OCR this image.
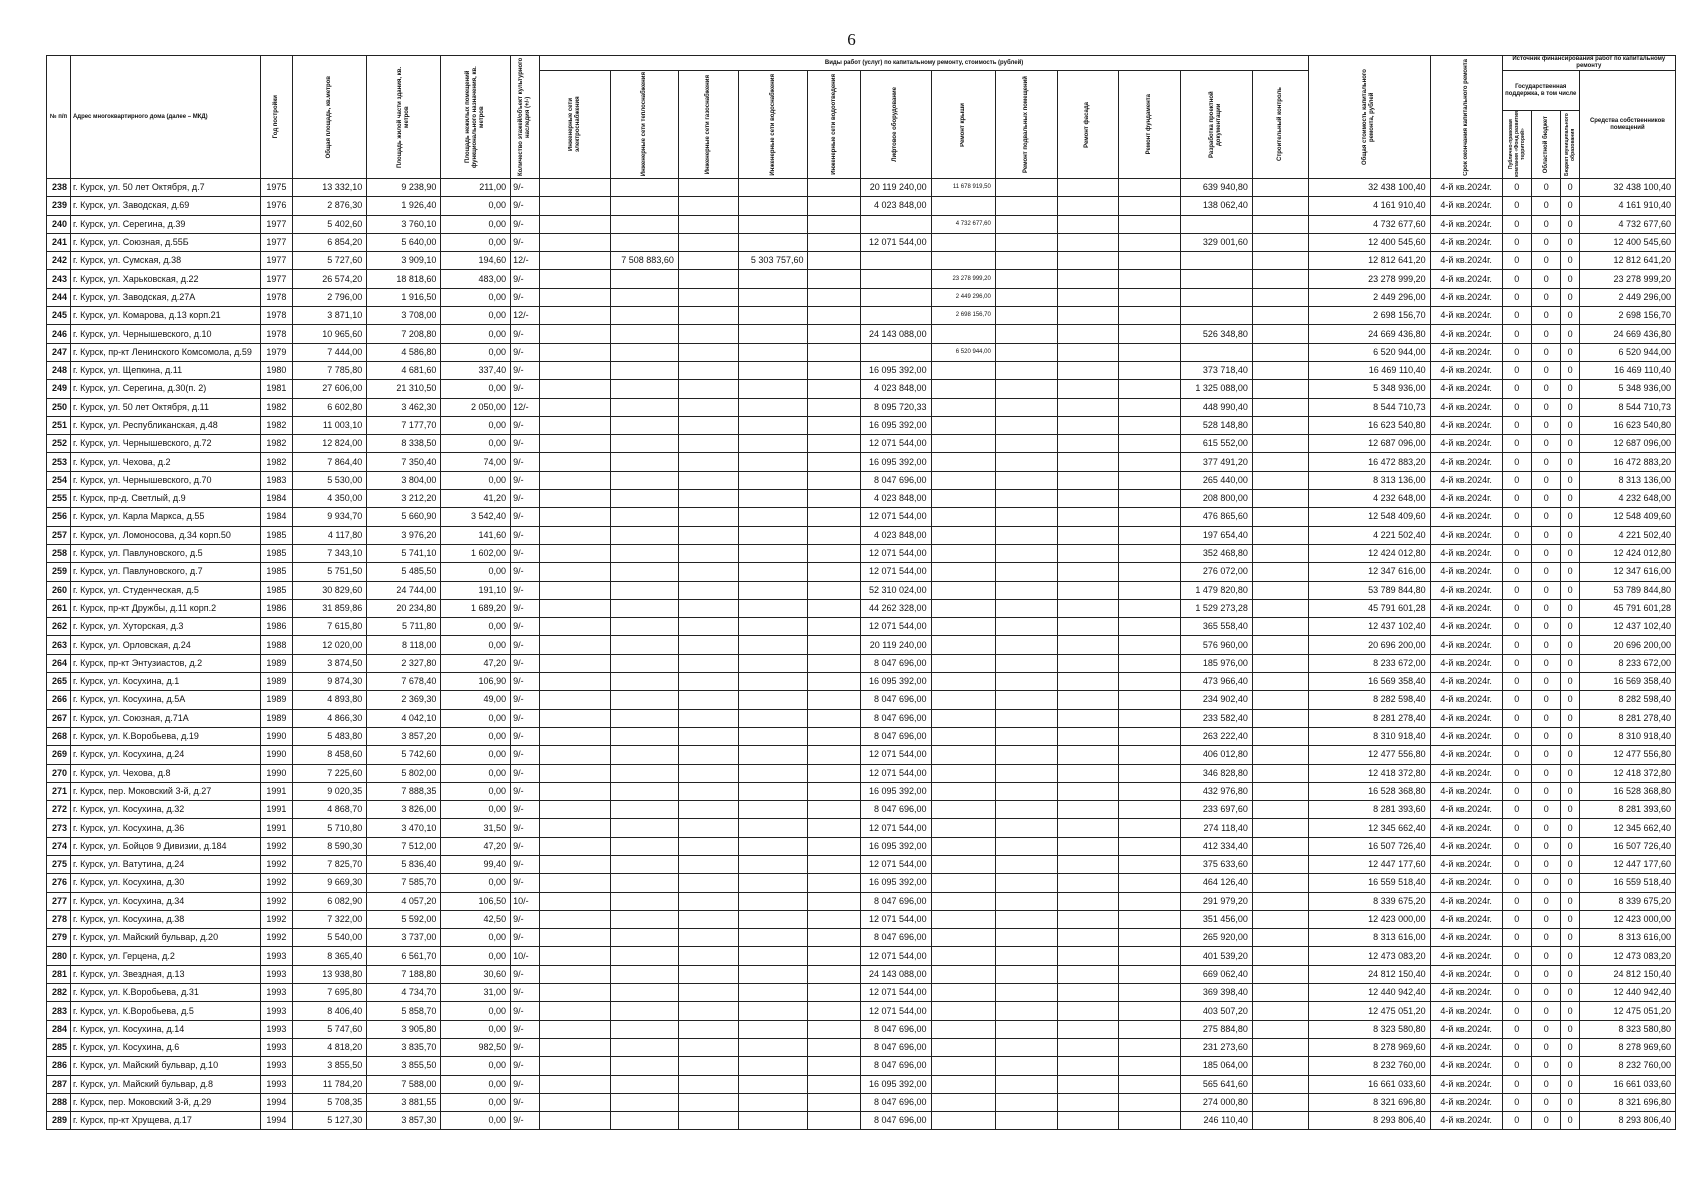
6
№ п/п	Адрес многоквартирного дома (далее – МКД)	Год постройки	Общая площадь, кв.метров	Площадь жилой части здания, кв. метров	Площадь нежилых помещений функционального назначения, кв. метров	Количество этажей/объект культурного наследия (+/-)	Виды работ (услуг) по капитальному ремонту, стоимость (рублей)												Общая стоимость капитального ремонта, рублей	Срок окончания капитального ремонта	Источник финансирования работ по капитальному ремонту			

							Инженерные сети электроснабжения	Инженерные сети теплоснабжения	Инженерные сети газоснабжения	Инженерные сети водоснабжения	Инженерные сети водоотведения	Лифтовое оборудование	Ремонт крыши	Ремонт подвальных помещений	Ремонт фасада	Ремонт фундамента	Разработка проектной документации	Строительный контроль			Государственная поддержка, в том числе			Средства собственников помещений

																					Публично-правовая компания «Фонд развития территорий»	Областной бюджет	Бюджет муниципального образования	

238	г. Курск, ул. 50 лет Октября, д.7	1975	13 332,10	9 238,90	211,00	9/-						20 119 240,00	11 678 919,50				639 940,80		32 438 100,40	4-й кв.2024г.	0	0	0	32 438 100,40
239	г. Курск, ул. Заводская, д.69	1976	2 876,30	1 926,40	0,00	9/-						4 023 848,00					138 062,40		4 161 910,40	4-й кв.2024г.	0	0	0	4 161 910,40
240	г. Курск, ул. Серегина, д.39	1977	5 402,60	3 760,10	0,00	9/-							4 732 677,60						4 732 677,60	4-й кв.2024г.	0	0	0	4 732 677,60
241	г. Курск, ул. Союзная, д.55Б	1977	6 854,20	5 640,00	0,00	9/-						12 071 544,00					329 001,60		12 400 545,60	4-й кв.2024г.	0	0	0	12 400 545,60
242	г. Курск, ул. Сумская, д.38	1977	5 727,60	3 909,10	194,60	12/-		7 508 883,60		5 303 757,60									12 812 641,20	4-й кв.2024г.	0	0	0	12 812 641,20
243	г. Курск, ул. Харьковская, д.22	1977	26 574,20	18 818,60	483,00	9/-							23 278 999,20						23 278 999,20	4-й кв.2024г.	0	0	0	23 278 999,20
244	г. Курск, ул. Заводская, д.27А	1978	2 796,00	1 916,50	0,00	9/-							2 449 296,00						2 449 296,00	4-й кв.2024г.	0	0	0	2 449 296,00
245	г. Курск, ул. Комарова, д.13 корп.21	1978	3 871,10	3 708,00	0,00	12/-							2 698 156,70						2 698 156,70	4-й кв.2024г.	0	0	0	2 698 156,70
246	г. Курск, ул. Чернышевского, д.10	1978	10 965,60	7 208,80	0,00	9/-						24 143 088,00					526 348,80		24 669 436,80	4-й кв.2024г.	0	0	0	24 669 436,80
247	г. Курск, пр-кт Ленинского Комсомола, д.59	1979	7 444,00	4 586,80	0,00	9/-							6 520 944,00						6 520 944,00	4-й кв.2024г.	0	0	0	6 520 944,00
248	г. Курск, ул. Щепкина, д.11	1980	7 785,80	4 681,60	337,40	9/-						16 095 392,00					373 718,40		16 469 110,40	4-й кв.2024г.	0	0	0	16 469 110,40
249	г. Курск, ул. Серегина, д.30(п. 2)	1981	27 606,00	21 310,50	0,00	9/-						4 023 848,00					1 325 088,00		5 348 936,00	4-й кв.2024г.	0	0	0	5 348 936,00
250	г. Курск, ул. 50 лет Октября, д.11	1982	6 602,80	3 462,30	2 050,00	12/-						8 095 720,33					448 990,40		8 544 710,73	4-й кв.2024г.	0	0	0	8 544 710,73
251	г. Курск, ул. Республиканская, д.48	1982	11 003,10	7 177,70	0,00	9/-						16 095 392,00					528 148,80		16 623 540,80	4-й кв.2024г.	0	0	0	16 623 540,80
252	г. Курск, ул. Чернышевского, д.72	1982	12 824,00	8 338,50	0,00	9/-						12 071 544,00					615 552,00		12 687 096,00	4-й кв.2024г.	0	0	0	12 687 096,00
253	г. Курск, ул. Чехова, д.2	1982	7 864,40	7 350,40	74,00	9/-						16 095 392,00					377 491,20		16 472 883,20	4-й кв.2024г.	0	0	0	16 472 883,20
254	г. Курск, ул. Чернышевского, д.70	1983	5 530,00	3 804,00	0,00	9/-						8 047 696,00					265 440,00		8 313 136,00	4-й кв.2024г.	0	0	0	8 313 136,00
255	г. Курск, пр-д. Светлый, д.9	1984	4 350,00	3 212,20	41,20	9/-						4 023 848,00					208 800,00		4 232 648,00	4-й кв.2024г.	0	0	0	4 232 648,00
256	г. Курск, ул. Карла Маркса, д.55	1984	9 934,70	5 660,90	3 542,40	9/-						12 071 544,00					476 865,60		12 548 409,60	4-й кв.2024г.	0	0	0	12 548 409,60
257	г. Курск, ул. Ломоносова, д.34 корп.50	1985	4 117,80	3 976,20	141,60	9/-						4 023 848,00					197 654,40		4 221 502,40	4-й кв.2024г.	0	0	0	4 221 502,40
258	г. Курск, ул. Павлуновского, д.5	1985	7 343,10	5 741,10	1 602,00	9/-						12 071 544,00					352 468,80		12 424 012,80	4-й кв.2024г.	0	0	0	12 424 012,80
259	г. Курск, ул. Павлуновского, д.7	1985	5 751,50	5 485,50	0,00	9/-						12 071 544,00					276 072,00		12 347 616,00	4-й кв.2024г.	0	0	0	12 347 616,00
260	г. Курск, ул. Студенческая, д.5	1985	30 829,60	24 744,00	191,10	9/-						52 310 024,00					1 479 820,80		53 789 844,80	4-й кв.2024г.	0	0	0	53 789 844,80
261	г. Курск, пр-кт Дружбы, д.11 корп.2	1986	31 859,86	20 234,80	1 689,20	9/-						44 262 328,00					1 529 273,28		45 791 601,28	4-й кв.2024г.	0	0	0	45 791 601,28
262	г. Курск, ул. Хуторская, д.3	1986	7 615,80	5 711,80	0,00	9/-						12 071 544,00					365 558,40		12 437 102,40	4-й кв.2024г.	0	0	0	12 437 102,40
263	г. Курск, ул. Орловская, д.24	1988	12 020,00	8 118,00	0,00	9/-						20 119 240,00					576 960,00		20 696 200,00	4-й кв.2024г.	0	0	0	20 696 200,00
264	г. Курск, пр-кт Энтузиастов, д.2	1989	3 874,50	2 327,80	47,20	9/-						8 047 696,00					185 976,00		8 233 672,00	4-й кв.2024г.	0	0	0	8 233 672,00
265	г. Курск, ул. Косухина, д.1	1989	9 874,30	7 678,40	106,90	9/-						16 095 392,00					473 966,40		16 569 358,40	4-й кв.2024г.	0	0	0	16 569 358,40
266	г. Курск, ул. Косухина, д.5А	1989	4 893,80	2 369,30	49,00	9/-						8 047 696,00					234 902,40		8 282 598,40	4-й кв.2024г.	0	0	0	8 282 598,40
267	г. Курск, ул. Союзная, д.71А	1989	4 866,30	4 042,10	0,00	9/-						8 047 696,00					233 582,40		8 281 278,40	4-й кв.2024г.	0	0	0	8 281 278,40
268	г. Курск, ул. К.Воробьева, д.19	1990	5 483,80	3 857,20	0,00	9/-						8 047 696,00					263 222,40		8 310 918,40	4-й кв.2024г.	0	0	0	8 310 918,40
269	г. Курск, ул. Косухина, д.24	1990	8 458,60	5 742,60	0,00	9/-						12 071 544,00					406 012,80		12 477 556,80	4-й кв.2024г.	0	0	0	12 477 556,80
270	г. Курск, ул. Чехова, д.8	1990	7 225,60	5 802,00	0,00	9/-						12 071 544,00					346 828,80		12 418 372,80	4-й кв.2024г.	0	0	0	12 418 372,80
271	г. Курск, пер. Моковский 3-й, д.27	1991	9 020,35	7 888,35	0,00	9/-						16 095 392,00					432 976,80		16 528 368,80	4-й кв.2024г.	0	0	0	16 528 368,80
272	г. Курск, ул. Косухина, д.32	1991	4 868,70	3 826,00	0,00	9/-						8 047 696,00					233 697,60		8 281 393,60	4-й кв.2024г.	0	0	0	8 281 393,60
273	г. Курск, ул. Косухина, д.36	1991	5 710,80	3 470,10	31,50	9/-						12 071 544,00					274 118,40		12 345 662,40	4-й кв.2024г.	0	0	0	12 345 662,40
274	г. Курск, ул. Бойцов 9 Дивизии, д.184	1992	8 590,30	7 512,00	47,20	9/-						16 095 392,00					412 334,40		16 507 726,40	4-й кв.2024г.	0	0	0	16 507 726,40
275	г. Курск, ул. Ватутина, д.24	1992	7 825,70	5 836,40	99,40	9/-						12 071 544,00					375 633,60		12 447 177,60	4-й кв.2024г.	0	0	0	12 447 177,60
276	г. Курск, ул. Косухина, д.30	1992	9 669,30	7 585,70	0,00	9/-						16 095 392,00					464 126,40		16 559 518,40	4-й кв.2024г.	0	0	0	16 559 518,40
277	г. Курск, ул. Косухина, д.34	1992	6 082,90	4 057,20	106,50	10/-						8 047 696,00					291 979,20		8 339 675,20	4-й кв.2024г.	0	0	0	8 339 675,20
278	г. Курск, ул. Косухина, д.38	1992	7 322,00	5 592,00	42,50	9/-						12 071 544,00					351 456,00		12 423 000,00	4-й кв.2024г.	0	0	0	12 423 000,00
279	г. Курск, ул. Майский бульвар, д.20	1992	5 540,00	3 737,00	0,00	9/-						8 047 696,00					265 920,00		8 313 616,00	4-й кв.2024г.	0	0	0	8 313 616,00
280	г. Курск, ул. Герцена, д.2	1993	8 365,40	6 561,70	0,00	10/-						12 071 544,00					401 539,20		12 473 083,20	4-й кв.2024г.	0	0	0	12 473 083,20
281	г. Курск, ул. Звездная, д.13	1993	13 938,80	7 188,80	30,60	9/-						24 143 088,00					669 062,40		24 812 150,40	4-й кв.2024г.	0	0	0	24 812 150,40
282	г. Курск, ул. К.Воробьева, д.31	1993	7 695,80	4 734,70	31,00	9/-						12 071 544,00					369 398,40		12 440 942,40	4-й кв.2024г.	0	0	0	12 440 942,40
283	г. Курск, ул. К.Воробьева, д.5	1993	8 406,40	5 858,70	0,00	9/-						12 071 544,00					403 507,20		12 475 051,20	4-й кв.2024г.	0	0	0	12 475 051,20
284	г. Курск, ул. Косухина, д.14	1993	5 747,60	3 905,80	0,00	9/-						8 047 696,00					275 884,80		8 323 580,80	4-й кв.2024г.	0	0	0	8 323 580,80
285	г. Курск, ул. Косухина, д.6	1993	4 818,20	3 835,70	982,50	9/-						8 047 696,00					231 273,60		8 278 969,60	4-й кв.2024г.	0	0	0	8 278 969,60
286	г. Курск, ул. Майский бульвар, д.10	1993	3 855,50	3 855,50	0,00	9/-						8 047 696,00					185 064,00		8 232 760,00	4-й кв.2024г.	0	0	0	8 232 760,00
287	г. Курск, ул. Майский бульвар, д.8	1993	11 784,20	7 588,00	0,00	9/-						16 095 392,00					565 641,60		16 661 033,60	4-й кв.2024г.	0	0	0	16 661 033,60
288	г. Курск, пер. Моковский 3-й, д.29	1994	5 708,35	3 881,55	0,00	9/-						8 047 696,00					274 000,80		8 321 696,80	4-й кв.2024г.	0	0	0	8 321 696,80
289	г. Курск, пр-кт Хрущева, д.17	1994	5 127,30	3 857,30	0,00	9/-						8 047 696,00					246 110,40		8 293 806,40	4-й кв.2024г.	0	0	0	8 293 806,40
